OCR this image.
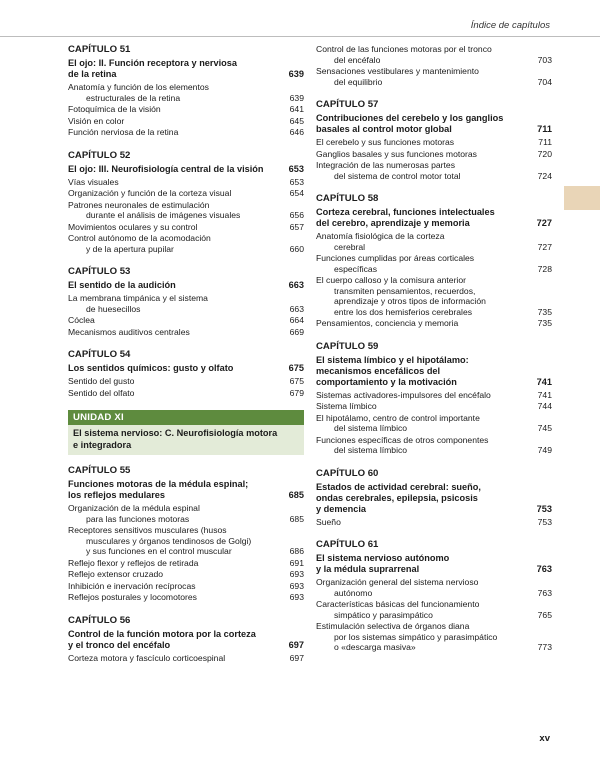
Índice de capítulos
CAPÍTULO 51
El ojo: II. Función receptora y nerviosa
de la retina	639
Anatomía y función de los elementos
estructurales de la retina	639
Fotoquímica de la visión	641
Visión en color	645
Función nerviosa de la retina	646
CAPÍTULO 52
El ojo: III. Neurofisiología central de la visión	653
Vías visuales	653
Organización y función de la corteza visual	654
Patrones neuronales de estimulación
durante el análisis de imágenes visuales	656
Movimientos oculares y su control	657
Control autónomo de la acomodación
y de la apertura pupilar	660
CAPÍTULO 53
El sentido de la audición	663
La membrana timpánica y el sistema
de huesecillos	663
Cóclea	664
Mecanismos auditivos centrales	669
CAPÍTULO 54
Los sentidos químicos: gusto y olfato	675
Sentido del gusto	675
Sentido del olfato	679
UNIDAD XI
El sistema nervioso: C. Neurofisiología motora
e integradora
CAPÍTULO 55
Funciones motoras de la médula espinal;
los reflejos medulares	685
Organización de la médula espinal
para las funciones motoras	685
Receptores sensitivos musculares (husos
musculares y órganos tendinosos de Golgi)
y sus funciones en el control muscular	686
Reflejo flexor y reflejos de retirada	691
Reflejo extensor cruzado	693
Inhibición e inervación recíprocas	693
Reflejos posturales y locomotores	693
CAPÍTULO 56
Control de la función motora por la corteza
y el tronco del encéfalo	697
Corteza motora y fascículo corticoespinal	697
Control de las funciones motoras por el tronco
del encéfalo	703
Sensaciones vestibulares y mantenimiento
del equilibrio	704
CAPÍTULO 57
Contribuciones del cerebelo y los ganglios
basales al control motor global	711
El cerebelo y sus funciones motoras	711
Ganglios basales y sus funciones motoras	720
Integración de las numerosas partes
del sistema de control motor total	724
CAPÍTULO 58
Corteza cerebral, funciones intelectuales
del cerebro, aprendizaje y memoria	727
Anatomía fisiológica de la corteza
cerebral	727
Funciones cumplidas por áreas corticales
específicas	728
El cuerpo calloso y la comisura anterior
transmiten pensamientos, recuerdos,
aprendizaje y otros tipos de información
entre los dos hemisferios cerebrales	735
Pensamientos, conciencia y memoria	735
CAPÍTULO 59
El sistema límbico y el hipotálamo:
mecanismos encefálicos del
comportamiento y la motivación	741
Sistemas activadores-impulsores del encéfalo	741
Sistema límbico	744
El hipotálamo, centro de control importante
del sistema límbico	745
Funciones específicas de otros componentes
del sistema límbico	749
CAPÍTULO 60
Estados de actividad cerebral: sueño,
ondas cerebrales, epilepsia, psicosis
y demencia	753
Sueño	753
CAPÍTULO 61
El sistema nervioso autónomo
y la médula suprarrenal	763
Organización general del sistema nervioso
autónomo	763
Características básicas del funcionamiento
simpático y parasimpático	765
Estimulación selectiva de órganos diana
por los sistemas simpático y parasimpático
o «descarga masiva»	773
xv
